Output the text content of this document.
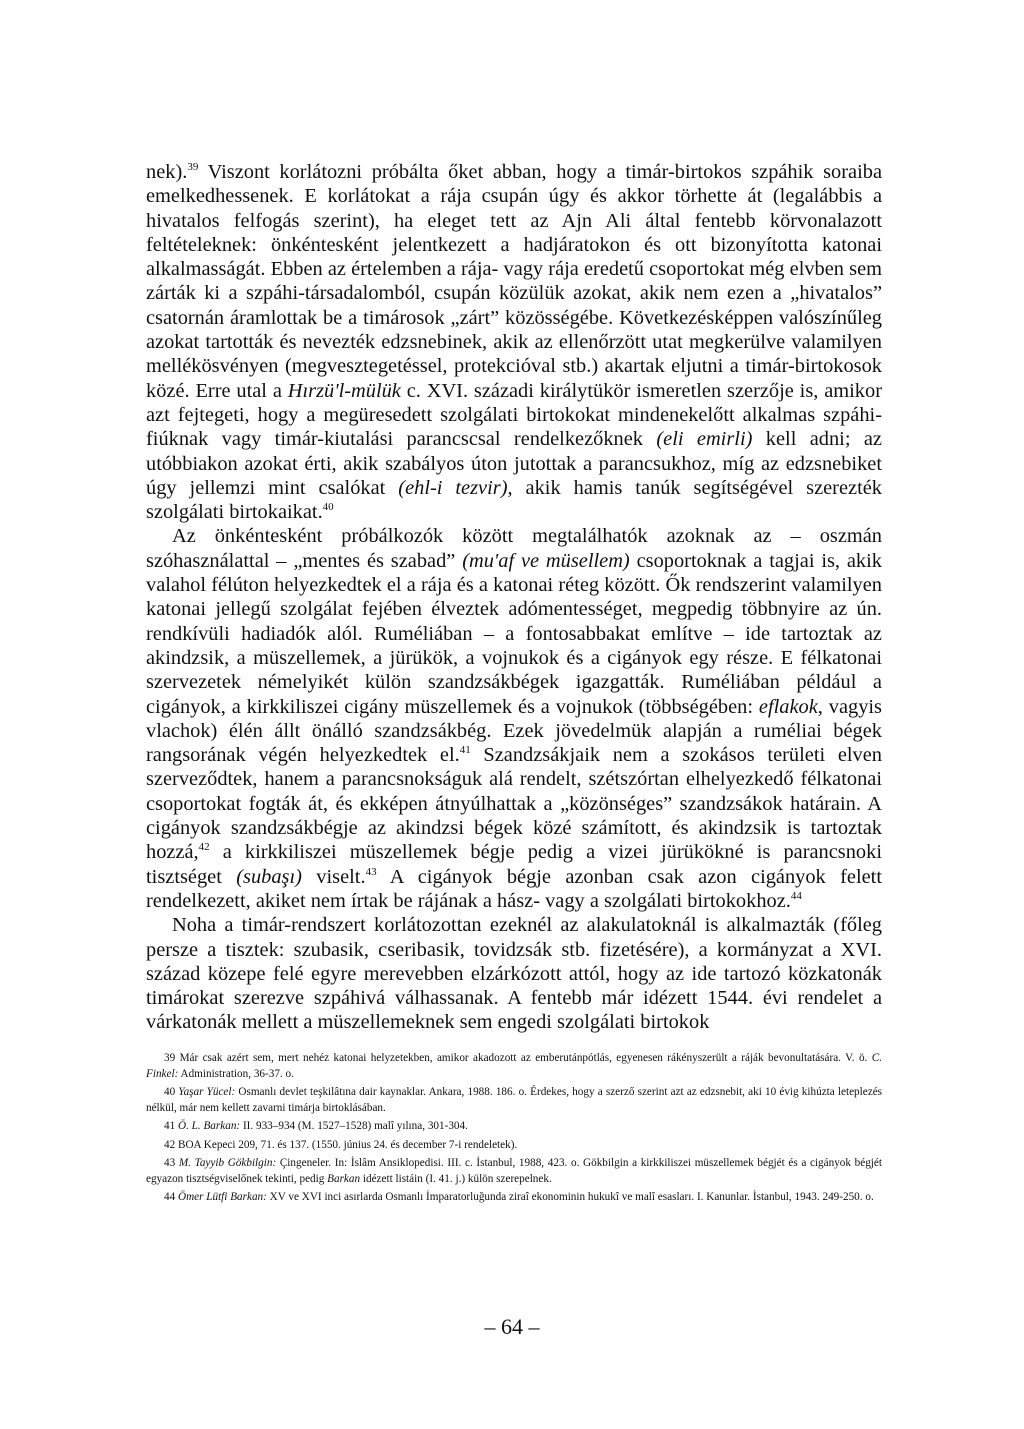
nek).$^{39}$ Viszont korlátozni próbálta őket abban, hogy a timár-birtokos szpáhik soraiba emelkedhessenek. E korlátokat a rája csupán úgy és akkor törhette át (legalábbis a hivatalos felfogás szerint), ha eleget tett az Ajn Ali által fentebb körvonalazott feltételeknek: önkéntesként jelentkezett a hadjáratokon és ott bizonyította katonai alkalmasságát. Ebben az értelemben a rája- vagy rája eredetű csoportokat még elvben sem zárták ki a szpáhi-társadalomból, csupán közülük azokat, akik nem ezen a „hivatalos” csatornán áramlottak be a timárosok „zárt” közösségébe. Következésképpen valószínűleg azokat tartották és nevezték edzsnebinek, akik az ellenőrzött utat megkerülve valamilyen mellékösvényen (megvesztegetéssel, protekcióval stb.) akartak eljutni a timár-birtokosok közé. Erre utal a Hırzü'l-mülük c. XVI. századi királytükör ismeretlen szerzője is, amikor azt fejtegeti, hogy a megüresedett szolgálati birtokokat mindenekelőtt alkalmas szpáhi-fiúknak vagy timár-kiutalási parancscsal rendelkezőknek (eli emirli) kell adni; az utóbbiakon azokat érti, akik szabályos úton jutottak a parancsukhoz, míg az edzsnebiket úgy jellemzi mint csalókat (ehl-i tezvir), akik hamis tanúk segítségével szerezték szolgálati birtokaikat.$^{40}$

Az önkéntesként próbálkozók között megtalálhatók azoknak az – oszmán szóhasználattal – „mentes és szabad” (mu'af ve müsellem) csoportoknak a tagjai is, akik valahol félúton helyezkedtek el a rája és a katonai réteg között. Ők rendszerint valamilyen katonai jellegű szolgálat fejében élveztek adómentességet, megpedig többnyire az ún. rendkívüli hadiadók alól. Ruméliában – a fontosabbakat említve – ide tartoztak az akindzsik, a müszellemek, a jürükök, a vojnukok és a cigányok egy része. E félkatonai szervezetek némelyikét külön szandzsákbégek igazgatták. Ruméliában például a cigányok, a kirkkiliszei cigány müszellemek és a vojnukok (többségében: eflakok, vagyis vlachok) élén állt önálló szandzsákbég. Ezek jövedelmük alapján a ruméliai bégek rangsorának végén helyezkedtek el.$^{41}$ Szandzsákjaik nem a szokásos területi elven szerveződtek, hanem a parancsnokságuk alá rendelt, szétszórtan elhelyezkedő félkatonai csoportokat fogták át, és ekképen átnyúlhattak a „közönséges” szandzsákok határain. A cigányok szandzsákbégje az akindzsi bégek közé számított, és akindzsik is tartoztak hozzá,$^{42}$ a kirkkiliszei müszellemek bégje pedig a vizei jürükökné is parancsnoki tisztséget (subaşı) viselt.$^{43}$ A cigányok bégje azonban csak azon cigányok felett rendelkezett, akiket nem írtak be rájának a hász- vagy a szolgálati birtokokhoz.$^{44}$

Noha a timár-rendszert korlátozottan ezeknél az alakulatoknál is alkalmazták (főleg persze a tisztek: szubasik, cseribasik, tovidzsák stb. fizetésére), a kormányzat a XVI. század közepe felé egyre merevebben elzárkózott attól, hogy az ide tartozó közkatonák timárokat szerezve szpáhivá válhassanak. A fentebb már idézett 1544. évi rendelet a várkatonák mellett a müszellemeknek sem engedi szolgálati birtokok

39 Már csak azért sem, mert nehéz katonai helyzetekben, amikor akadozott az emberutánpótlás, egyenesen rákényszerült a ráják bevonultatására. V. ö. C. Finkel: Administration, 36-37. o.

40 Yaşar Yücel: Osmanlı devlet teşkilâtına dair kaynaklar. Ankara, 1988. 186. o. Érdekes, hogy a szerző szerint azt az edzsnebit, aki 10 évig kihúzta leteplezés nélkül, már nem kellett zavarni timárja birtoklásában.

41 Ö. L. Barkan: II. 933–934 (M. 1527–1528) malî yılına, 301-304.

42 BOA Kepeci 209, 71. és 137. (1550. június 24. és december 7-i rendeletek).

43 M. Tayyib Gökbilgin: Çingeneler. In: İslâm Ansiklopedisi. III. c. İstanbul, 1988, 423. o. Gökbilgin a kirkkiliszei müszellemek bégjét és a cigányok bégjét egyazon tisztségviselőnek tekinti, pedig Barkan idézett listáin (I. 41. j.) külön szerepelnek.

44 Ömer Lütfi Barkan: XV ve XVI inci asırlarda Osmanlı İmparatorluğunda ziraî ekonominin hukukî ve malî esasları. I. Kanunlar. İstanbul, 1943. 249-250. o.

– 64 –
